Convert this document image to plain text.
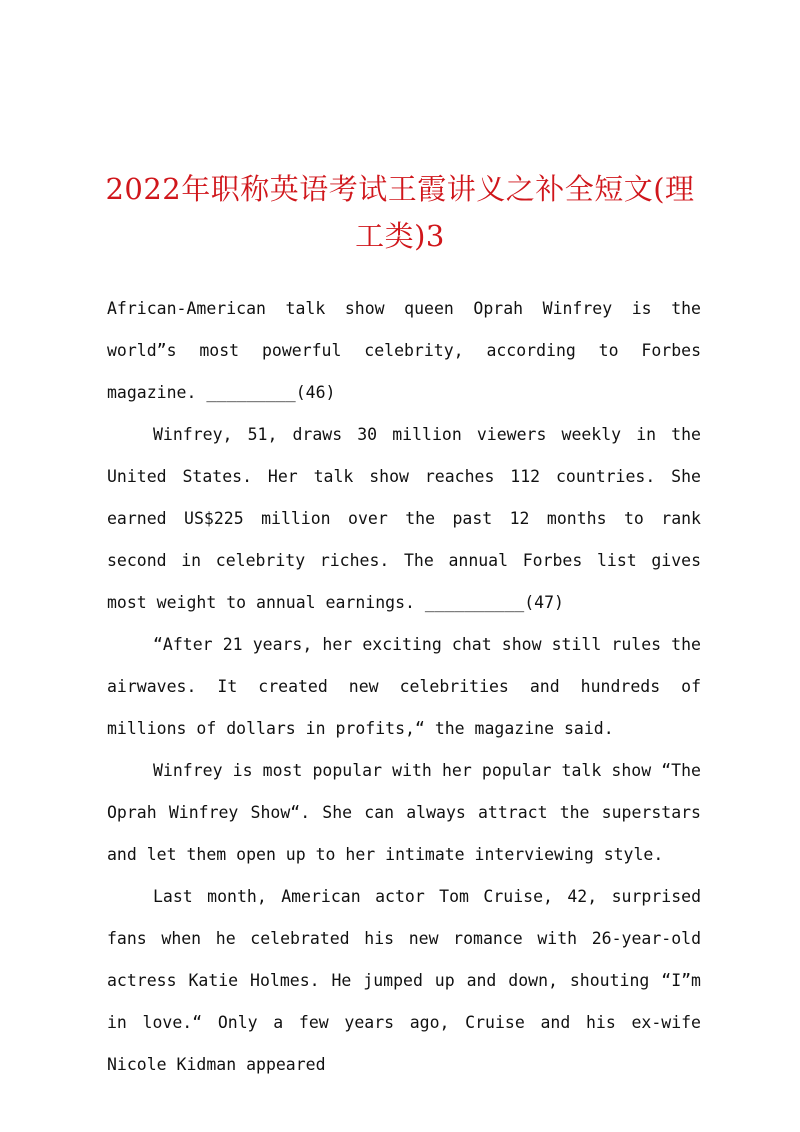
2022年职称英语考试王霞讲义之补全短文(理
工类)3

African-American talk show queen Oprah Winfrey is the world”s most powerful celebrity, according to Forbes magazine. _________(46)

Winfrey, 51, draws 30 million viewers weekly in the United States. Her talk show reaches 112 countries. She earned US$225 million over the past 12 months to rank second in celebrity riches. The annual Forbes list gives most weight to annual earnings. __________(47)

“After 21 years, her exciting chat show still rules the airwaves. It created new celebrities and hundreds of millions of dollars in profits,“ the magazine said.

Winfrey is most popular with her popular talk show “The Oprah Winfrey Show“. She can always attract the superstars and let them open up to her intimate interviewing style.

Last month, American actor Tom Cruise, 42, surprised fans when he celebrated his new romance with 26-year-old actress Katie Holmes. He jumped up and down, shouting “I”m in love.“ Only a few years ago, Cruise and his ex-wife Nicole Kidman appeared
